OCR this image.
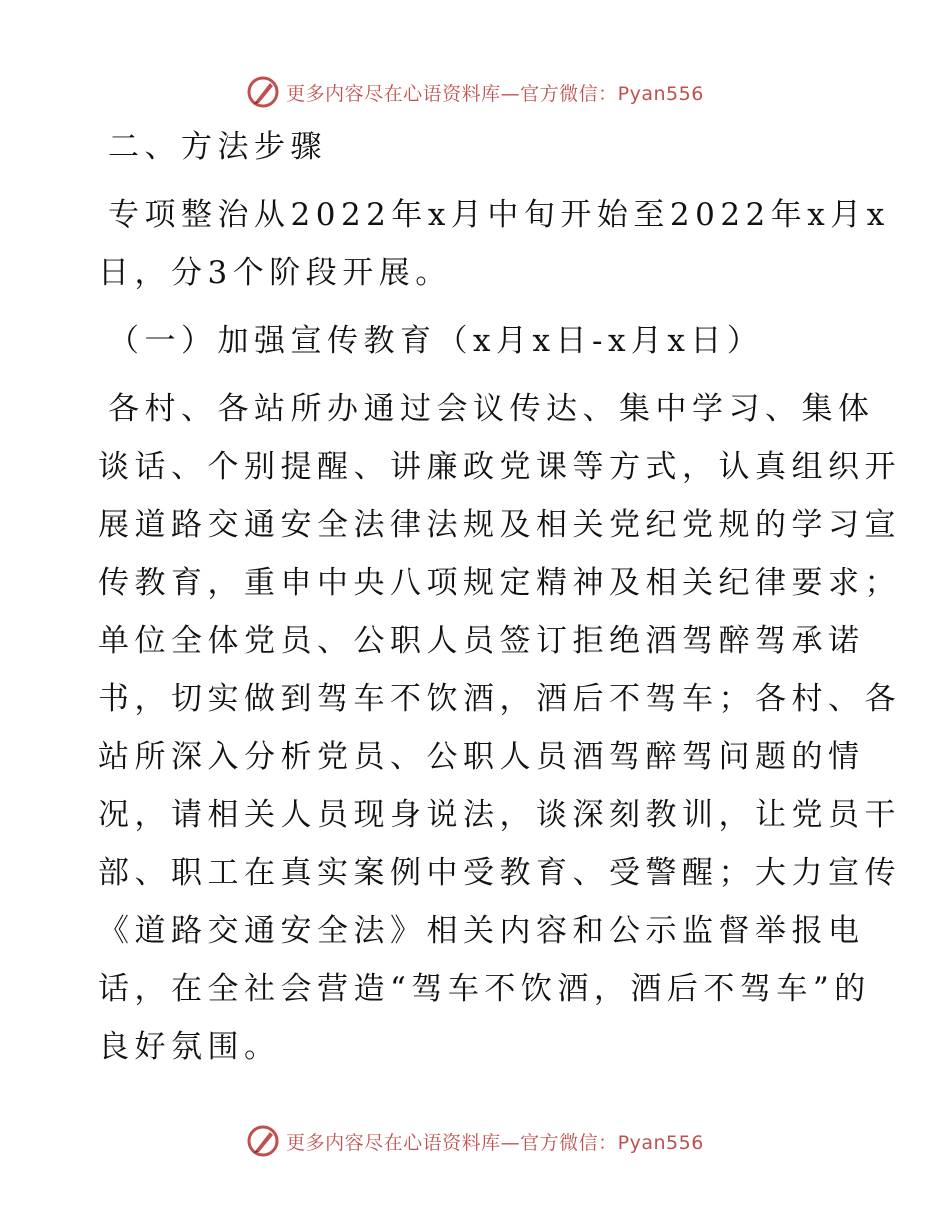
更多内容尽在心语资料库—官方微信：Pyan556
二、方法步骤
专项整治从2022年x月中旬开始至2022年x月x
日，分3个阶段开展。
（一）加强宣传教育（x月x日-x月x日）
各村、各站所办通过会议传达、集中学习、集体
谈话、个别提醒、讲廉政党课等方式，认真组织开
展道路交通安全法律法规及相关党纪党规的学习宣
传教育，重申中央八项规定精神及相关纪律要求；
单位全体党员、公职人员签订拒绝酒驾醉驾承诺
书，切实做到驾车不饮酒，酒后不驾车；各村、各
站所深入分析党员、公职人员酒驾醉驾问题的情
况，请相关人员现身说法，谈深刻教训，让党员干
部、职工在真实案例中受教育、受警醒；大力宣传
《道路交通安全法》相关内容和公示监督举报电
话，在全社会营造“驾车不饮酒，酒后不驾车”的
良好氛围。
更多内容尽在心语资料库—官方微信：Pyan556
